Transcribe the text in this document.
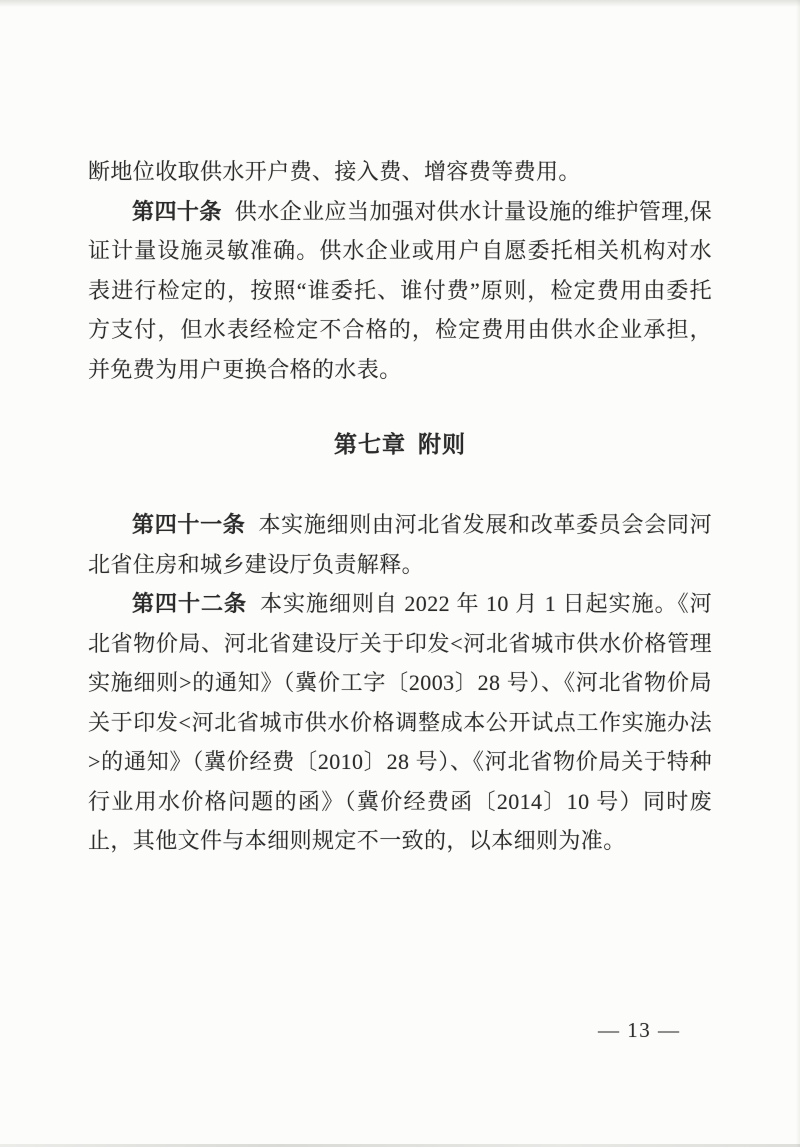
断地位收取供水开户费、接入费、增容费等费用。

第四十条 供水企业应当加强对供水计量设施的维护管理,保证计量设施灵敏准确。供水企业或用户自愿委托相关机构对水表进行检定的，按照“谁委托、谁付费”原则，检定费用由委托方支付，但水表经检定不合格的，检定费用由供水企业承担，并免费为用户更换合格的水表。

第七章 附则

第四十一条 本实施细则由河北省发展和改革委员会会同河北省住房和城乡建设厅负责解释。

第四十二条 本实施细则自 2022 年 10 月 1 日起实施。《河北省物价局、河北省建设厅关于印发<河北省城市供水价格管理实施细则>的通知》（冀价工字〔2003〕28 号）、《河北省物价局关于印发<河北省城市供水价格调整成本公开试点工作实施办法>的通知》（冀价经费〔2010〕28 号）、《河北省物价局关于特种行业用水价格问题的函》（冀价经费函〔2014〕10 号）同时废止，其他文件与本细则规定不一致的，以本细则为准。

— 13 —
